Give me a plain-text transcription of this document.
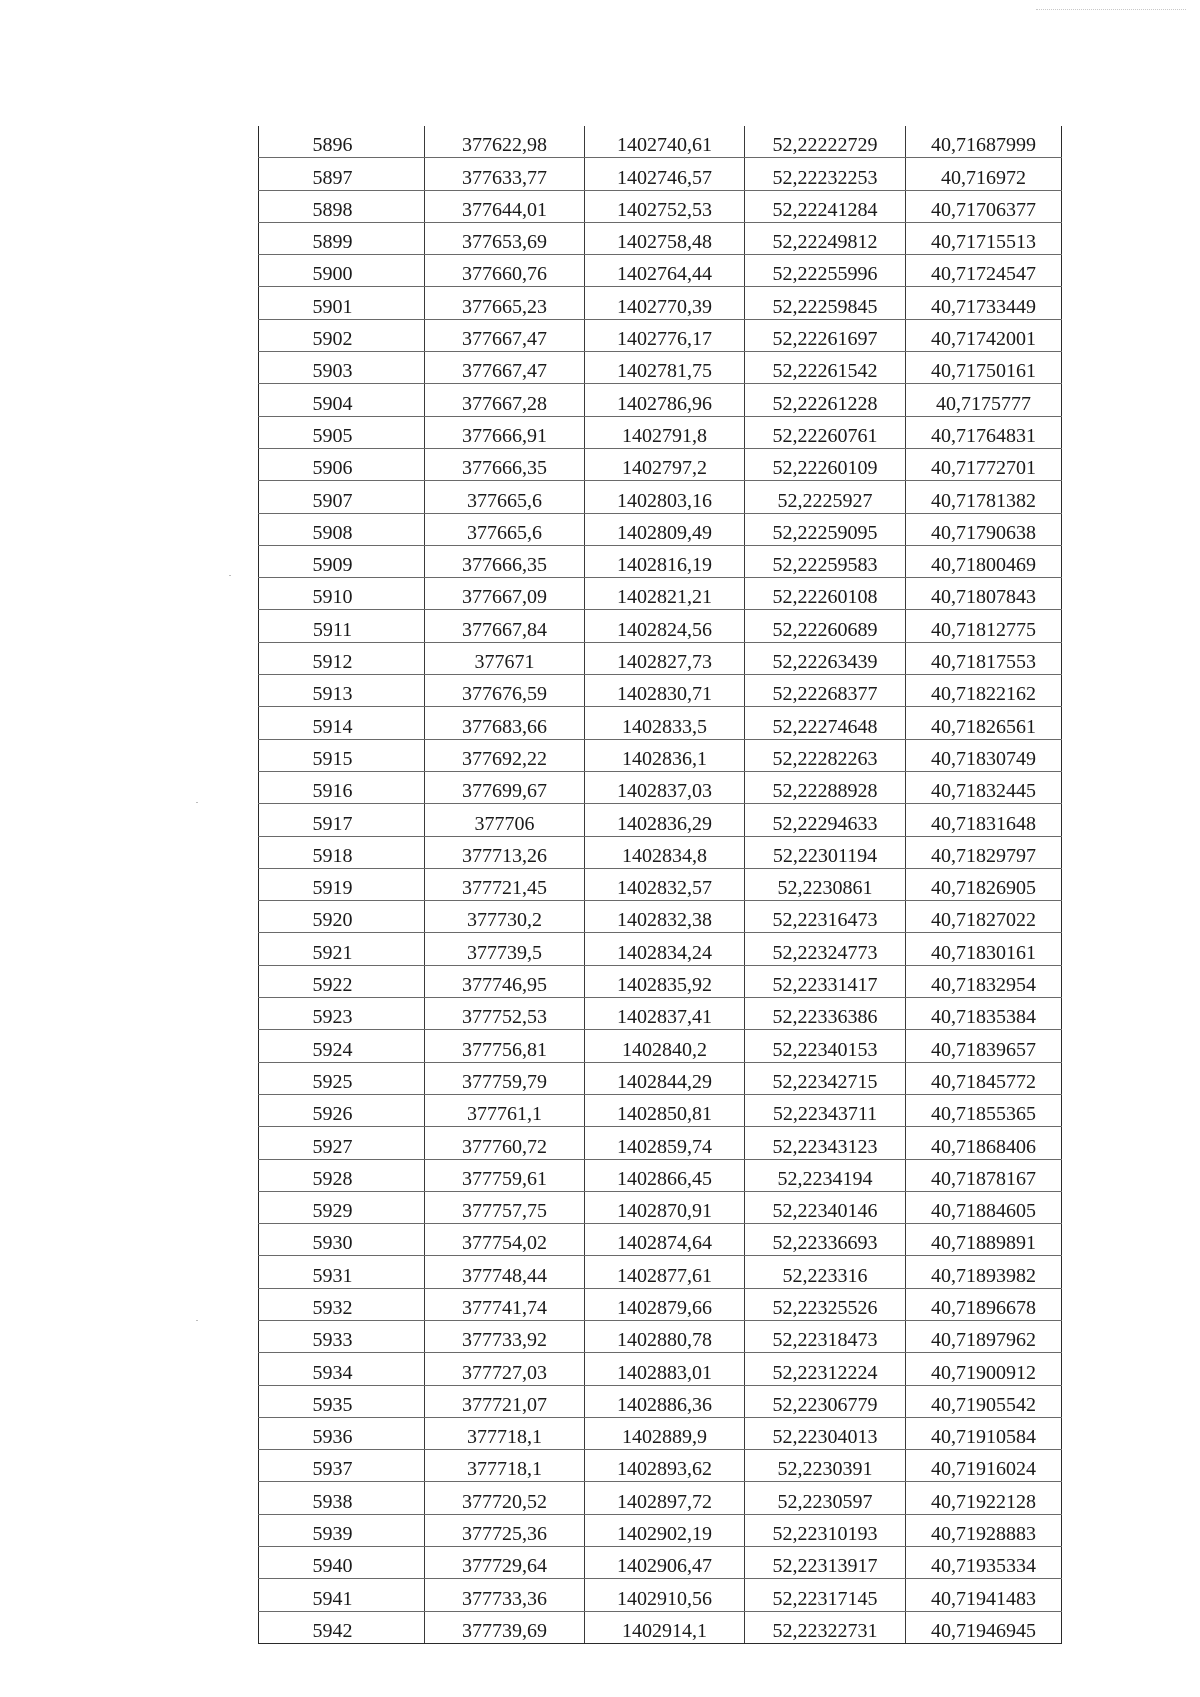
5896	377622,98	1402740,61	52,22222729	40,71687999
5897	377633,77	1402746,57	52,22232253	40,716972
5898	377644,01	1402752,53	52,22241284	40,71706377
5899	377653,69	1402758,48	52,22249812	40,71715513
5900	377660,76	1402764,44	52,22255996	40,71724547
5901	377665,23	1402770,39	52,22259845	40,71733449
5902	377667,47	1402776,17	52,22261697	40,71742001
5903	377667,47	1402781,75	52,22261542	40,71750161
5904	377667,28	1402786,96	52,22261228	40,7175777
5905	377666,91	1402791,8	52,22260761	40,71764831
5906	377666,35	1402797,2	52,22260109	40,71772701
5907	377665,6	1402803,16	52,2225927	40,71781382
5908	377665,6	1402809,49	52,22259095	40,71790638
5909	377666,35	1402816,19	52,22259583	40,71800469
5910	377667,09	1402821,21	52,22260108	40,71807843
5911	377667,84	1402824,56	52,22260689	40,71812775
5912	377671	1402827,73	52,22263439	40,71817553
5913	377676,59	1402830,71	52,22268377	40,71822162
5914	377683,66	1402833,5	52,22274648	40,71826561
5915	377692,22	1402836,1	52,22282263	40,71830749
5916	377699,67	1402837,03	52,22288928	40,71832445
5917	377706	1402836,29	52,22294633	40,71831648
5918	377713,26	1402834,8	52,22301194	40,71829797
5919	377721,45	1402832,57	52,2230861	40,71826905
5920	377730,2	1402832,38	52,22316473	40,71827022
5921	377739,5	1402834,24	52,22324773	40,71830161
5922	377746,95	1402835,92	52,22331417	40,71832954
5923	377752,53	1402837,41	52,22336386	40,71835384
5924	377756,81	1402840,2	52,22340153	40,71839657
5925	377759,79	1402844,29	52,22342715	40,71845772
5926	377761,1	1402850,81	52,22343711	40,71855365
5927	377760,72	1402859,74	52,22343123	40,71868406
5928	377759,61	1402866,45	52,2234194	40,71878167
5929	377757,75	1402870,91	52,22340146	40,71884605
5930	377754,02	1402874,64	52,22336693	40,71889891
5931	377748,44	1402877,61	52,223316	40,71893982
5932	377741,74	1402879,66	52,22325526	40,71896678
5933	377733,92	1402880,78	52,22318473	40,71897962
5934	377727,03	1402883,01	52,22312224	40,71900912
5935	377721,07	1402886,36	52,22306779	40,71905542
5936	377718,1	1402889,9	52,22304013	40,71910584
5937	377718,1	1402893,62	52,2230391	40,71916024
5938	377720,52	1402897,72	52,2230597	40,71922128
5939	377725,36	1402902,19	52,22310193	40,71928883
5940	377729,64	1402906,47	52,22313917	40,71935334
5941	377733,36	1402910,56	52,22317145	40,71941483
5942	377739,69	1402914,1	52,22322731	40,71946945
